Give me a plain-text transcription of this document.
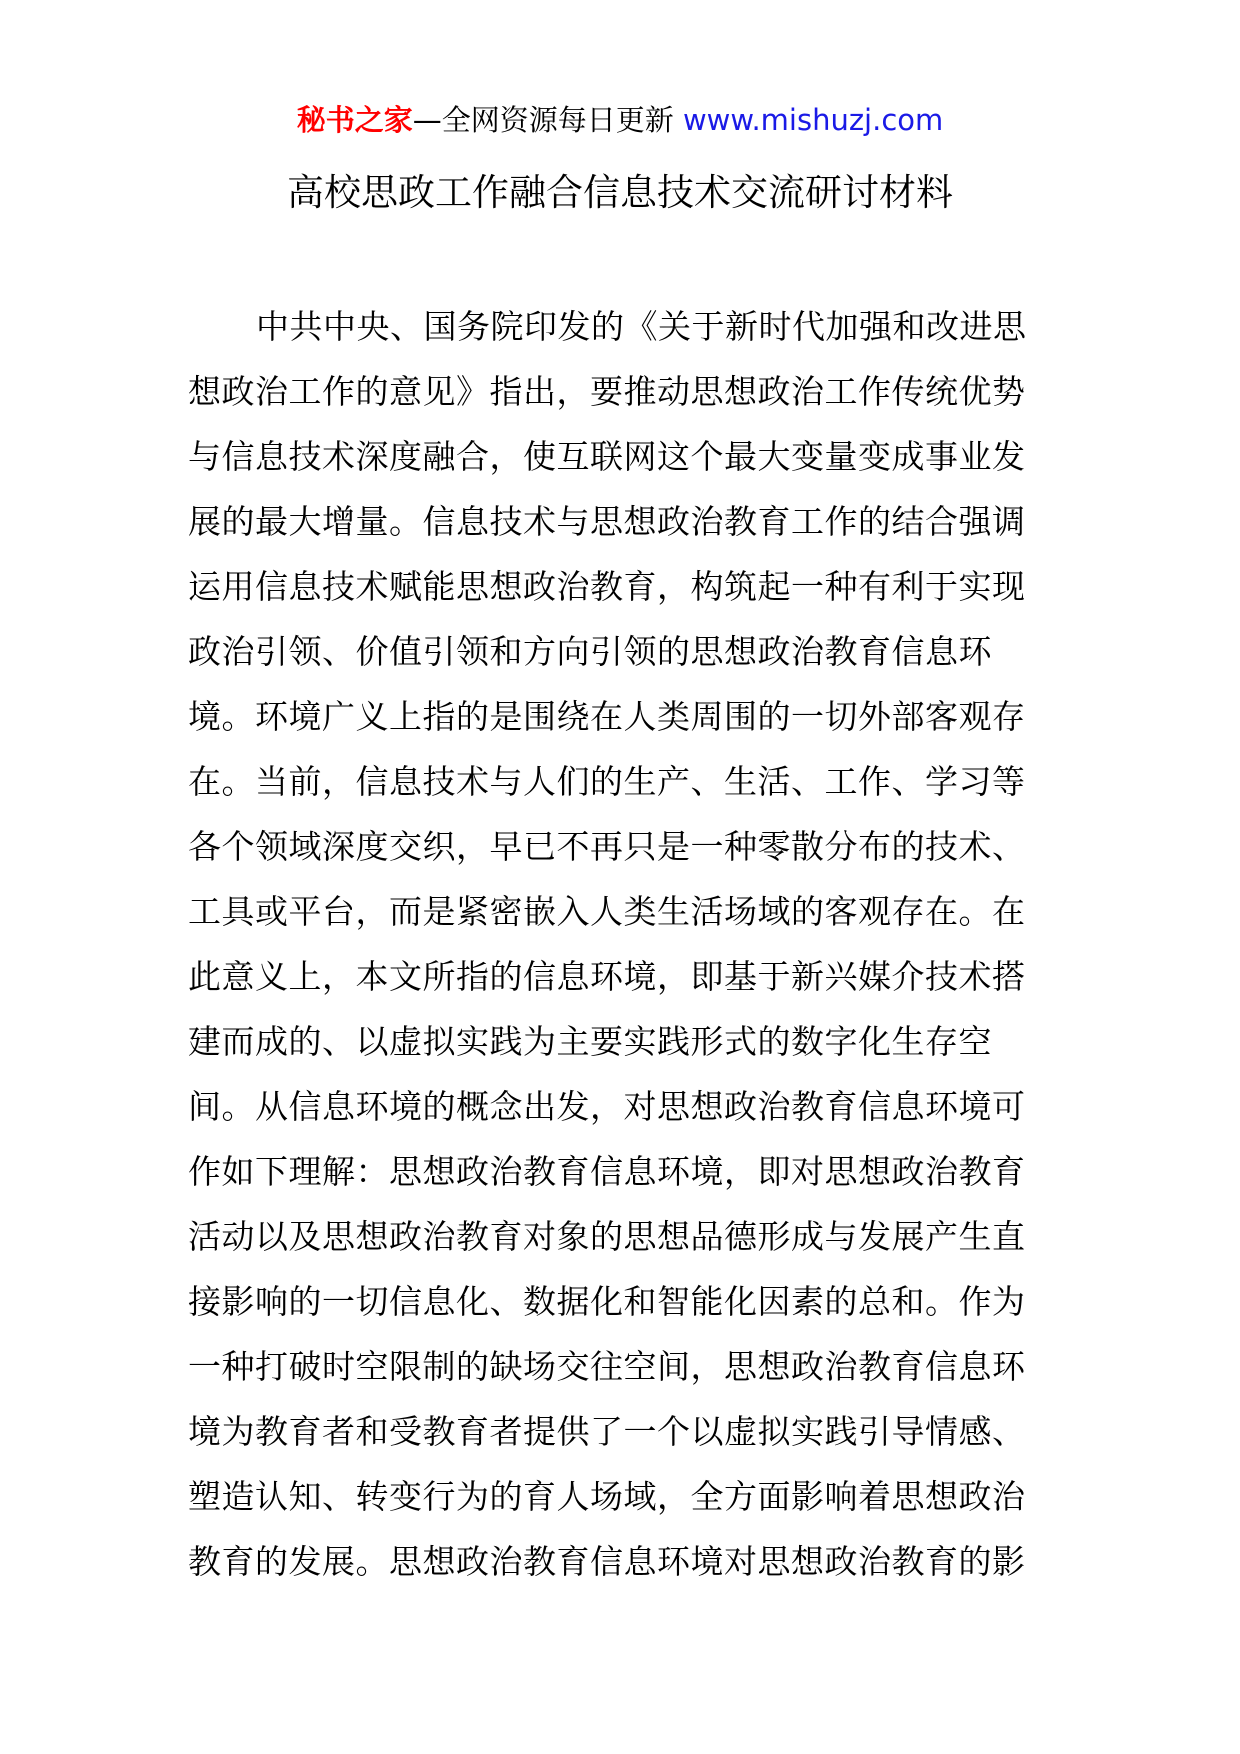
秘书之家—全网资源每日更新 www.mishuzj.com
高校思政工作融合信息技术交流研讨材料
中共中央、国务院印发的《关于新时代加强和改进思
想政治工作的意见》指出，要推动思想政治工作传统优势
与信息技术深度融合，使互联网这个最大变量变成事业发
展的最大增量。信息技术与思想政治教育工作的结合强调
运用信息技术赋能思想政治教育，构筑起一种有利于实现
政治引领、价值引领和方向引领的思想政治教育信息环
境。环境广义上指的是围绕在人类周围的一切外部客观存
在。当前，信息技术与人们的生产、生活、工作、学习等
各个领域深度交织，早已不再只是一种零散分布的技术、
工具或平台，而是紧密嵌入人类生活场域的客观存在。在
此意义上，本文所指的信息环境，即基于新兴媒介技术搭
建而成的、以虚拟实践为主要实践形式的数字化生存空
间。从信息环境的概念出发，对思想政治教育信息环境可
作如下理解：思想政治教育信息环境，即对思想政治教育
活动以及思想政治教育对象的思想品德形成与发展产生直
接影响的一切信息化、数据化和智能化因素的总和。作为
一种打破时空限制的缺场交往空间，思想政治教育信息环
境为教育者和受教育者提供了一个以虚拟实践引导情感、
塑造认知、转变行为的育人场域，全方面影响着思想政治
教育的发展。思想政治教育信息环境对思想政治教育的影
